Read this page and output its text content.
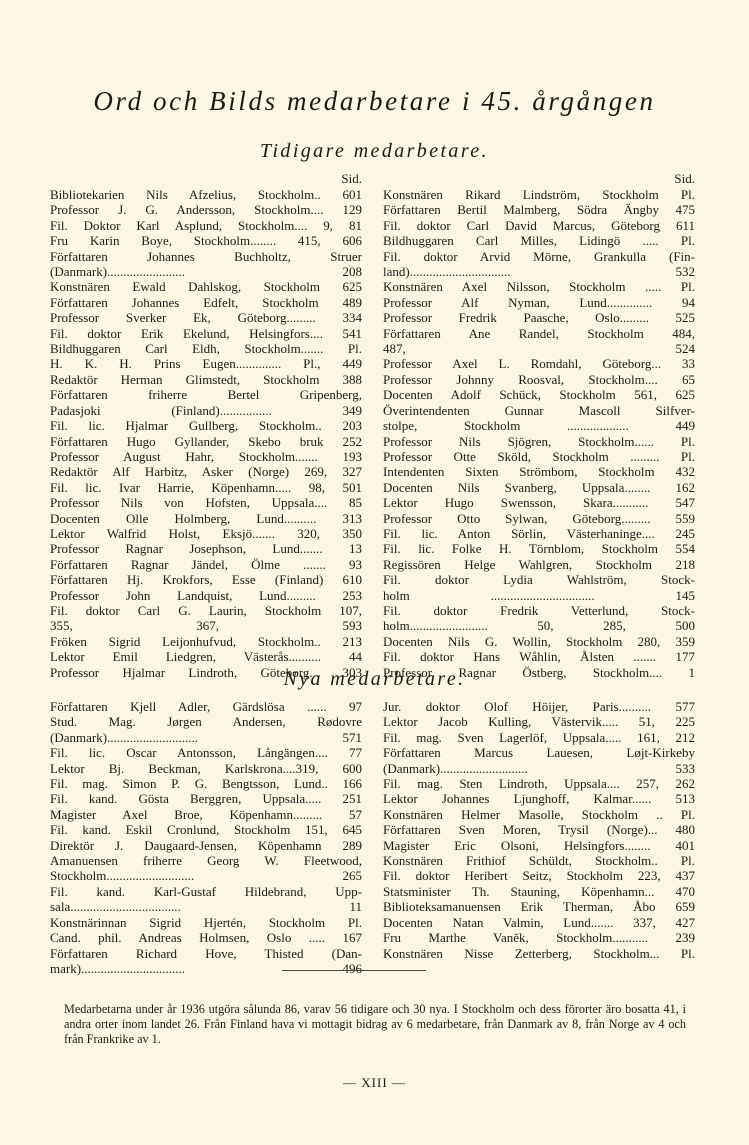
Ord och Bilds medarbetare i 45. årgången
Tidigare medarbetare.
Sid.
Bibliotekarien Nils Afzelius, Stockholm.. 601
Professor J. G. Andersson, Stockholm.... 129
Fil. Doktor Karl Asplund, Stockholm.... 9, 81
Fru Karin Boye, Stockholm........ 415, 606
Författaren Johannes Buchholtz, Struer
(Danmark)........................ 208
Konstnären Ewald Dahlskog, Stockholm 625
Författaren Johannes Edfelt, Stockholm 489
Professor Sverker Ek, Göteborg......... 334
Fil. doktor Erik Ekelund, Helsingfors.... 541
Bildhuggaren Carl Eldh, Stockholm....... Pl.
H. K. H. Prins Eugen.............. Pl., 449
Redaktör Herman Glimstedt, Stockholm 388
Författaren friherre Bertel Gripenberg,
Padasjoki (Finland)................ 349
Fil. lic. Hjalmar Gullberg, Stockholm.. 203
Författaren Hugo Gyllander, Skebo bruk 252
Professor August Hahr, Stockholm....... 193
Redaktör Alf Harbitz, Asker (Norge) 269, 327
Fil. lic. Ivar Harrie, Köpenhamn..... 98, 501
Professor Nils von Hofsten, Uppsala.... 85
Docenten Olle Holmberg, Lund.......... 313
Lektor Walfrid Holst, Eksjö....... 320, 350
Professor Ragnar Josephson, Lund....... 13
Författaren Ragnar Jändel, Ölme ....... 93
Författaren Hj. Krokfors, Esse (Finland) 610
Professor John Landquist, Lund......... 253
Fil. doktor Carl G. Laurin, Stockholm 107,
355, 367, 593
Fröken Sigrid Leijonhufvud, Stockholm.. 213
Lektor Emil Liedgren, Västerås.......... 44
Professor Hjalmar Lindroth, Göteborg... 303
Sid.
Konstnären Rikard Lindström, Stockholm Pl.
Författaren Bertil Malmberg, Södra Ängby 475
Fil. doktor Carl David Marcus, Göteborg 611
Bildhuggaren Carl Milles, Lidingö ..... Pl.
Fil. doktor Arvid Mörne, Grankulla (Fin-
land)............................... 532
Konstnären Axel Nilsson, Stockholm ..... Pl.
Professor Alf Nyman, Lund.............. 94
Professor Fredrik Paasche, Oslo......... 525
Författaren Ane Randel, Stockholm 484,
487, 524
Professor Axel L. Romdahl, Göteborg... 33
Professor Johnny Roosval, Stockholm.... 65
Docenten Adolf Schück, Stockholm 561, 625
Överintendenten Gunnar Mascoll Silfver-
stolpe, Stockholm ................... 449
Professor Nils Sjögren, Stockholm...... Pl.
Professor Otte Sköld, Stockholm ......... Pl.
Intendenten Sixten Strömbom, Stockholm 432
Docenten Nils Svanberg, Uppsala........ 162
Lektor Hugo Swensson, Skara........... 547
Professor Otto Sylwan, Göteborg......... 559
Fil. lic. Anton Sörlin, Västerhaninge.... 245
Fil. lic. Folke H. Törnblom, Stockholm 554
Regissören Helge Wahlgren, Stockholm 218
Fil. doktor Lydia Wahlström, Stock-
holm ................................ 145
Fil. doktor Fredrik Vetterlund, Stock-
holm........................ 50, 285, 500
Docenten Nils G. Wollin, Stockholm 280, 359
Fil. doktor Hans Wåhlin, Ålsten ....... 177
Professor Ragnar Östberg, Stockholm.... 1
Nya medarbetare.
Författaren Kjell Adler, Gärdslösa ...... 97
Stud. Mag. Jørgen Andersen, Rødovre
(Danmark)............................ 571
Fil. lic. Oscar Antonsson, Långängen.... 77
Lektor Bj. Beckman, Karlskrona....319, 600
Fil. mag. Simon P. G. Bengtsson, Lund.. 166
Fil. kand. Gösta Berggren, Uppsala..... 251
Magister Axel Broe, Köpenhamn......... 57
Fil. kand. Eskil Cronlund, Stockholm 151, 645
Direktör J. Daugaard-Jensen, Köpenhamn 289
Amanuensen friherre Georg W. Fleetwood,
Stockholm........................... 265
Fil. kand. Karl-Gustaf Hildebrand, Upp-
sala.................................. 11
Konstnärinnan Sigrid Hjertén, Stockholm Pl.
Cand. phil. Andreas Holmsen, Oslo ..... 167
Författaren Richard Hove, Thisted (Dan-
mark)................................ 496
Jur. doktor Olof Höijer, Paris.......... 577
Lektor Jacob Kulling, Västervik..... 51, 225
Fil. mag. Sven Lagerlöf, Uppsala..... 161, 212
Författaren Marcus Lauesen, Løjt-Kirkeby
(Danmark)........................... 533
Fil. mag. Sten Lindroth, Uppsala.... 257, 262
Lektor Johannes Ljunghoff, Kalmar...... 513
Konstnären Helmer Masolle, Stockholm .. Pl.
Författaren Sven Moren, Trysil (Norge)... 480
Magister Eric Olsoni, Helsingfors........ 401
Konstnären Frithiof Schüldt, Stockholm.. Pl.
Fil. doktor Heribert Seitz, Stockholm 223, 437
Statsminister Th. Stauning, Köpenhamn... 470
Biblioteksamanuensen Erik Therman, Åbo 659
Docenten Natan Valmin, Lund....... 337, 427
Fru Marthe Vaněk, Stockholm........... 239
Konstnären Nisse Zetterberg, Stockholm... Pl.
Medarbetarna under år 1936 utgöra sålunda 86, varav 56 tidigare och 30 nya. I Stockholm och dess förorter äro bosatta 41, i andra orter inom landet 26. Från Finland hava vi mottagit bidrag av 6 medarbetare, från Danmark av 8, från Norge av 4 och från Frankrike av 1.
— XIII —
